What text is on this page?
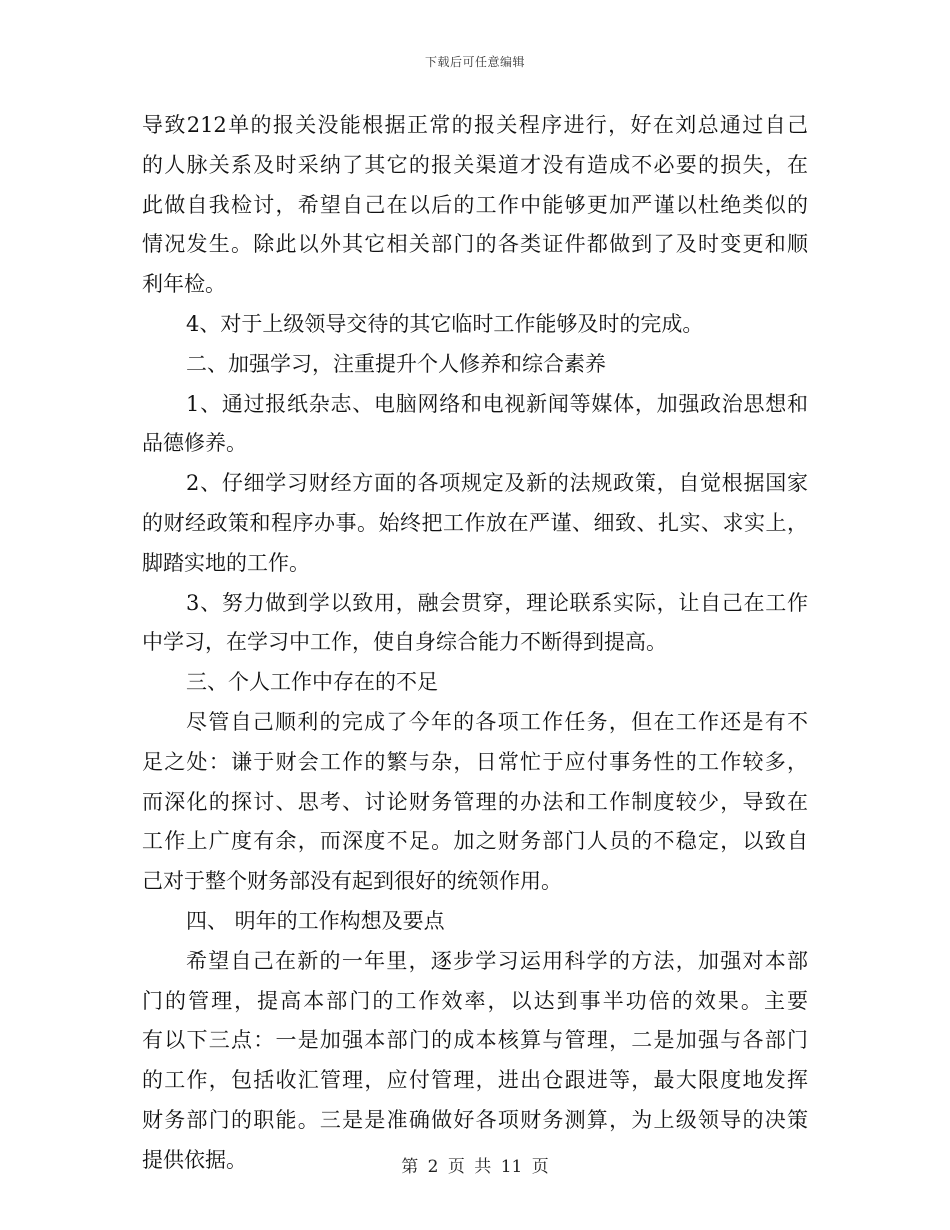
下载后可任意编辑
导致212单的报关没能根据正常的报关程序进行，好在刘总通过自己
的人脉关系及时采纳了其它的报关渠道才没有造成不必要的损失，在
此做自我检讨，希望自己在以后的工作中能够更加严谨以杜绝类似的
情况发生。除此以外其它相关部门的各类证件都做到了及时变更和顺
利年检。
4、对于上级领导交待的其它临时工作能够及时的完成。
二、加强学习，注重提升个人修养和综合素养
1、通过报纸杂志、电脑网络和电视新闻等媒体，加强政治思想和
品德修养。
2、仔细学习财经方面的各项规定及新的法规政策，自觉根据国家
的财经政策和程序办事。始终把工作放在严谨、细致、扎实、求实上，
脚踏实地的工作。
3、努力做到学以致用，融会贯穿，理论联系实际，让自己在工作
中学习，在学习中工作，使自身综合能力不断得到提高。
三、个人工作中存在的不足
尽管自己顺利的完成了今年的各项工作任务，但在工作还是有不
足之处：谦于财会工作的繁与杂，日常忙于应付事务性的工作较多，
而深化的探讨、思考、讨论财务管理的办法和工作制度较少，导致在
工作上广度有余，而深度不足。加之财务部门人员的不稳定，以致自
己对于整个财务部没有起到很好的统领作用。
四、 明年的工作构想及要点
希望自己在新的一年里，逐步学习运用科学的方法，加强对本部
门的管理，提高本部门的工作效率，以达到事半功倍的效果。主要
有以下三点：一是加强本部门的成本核算与管理，二是加强与各部门
的工作，包括收汇管理，应付管理，进出仓跟进等，最大限度地发挥
财务部门的职能。三是是准确做好各项财务测算，为上级领导的决策
提供依据。	第 2 页 共 11 页
